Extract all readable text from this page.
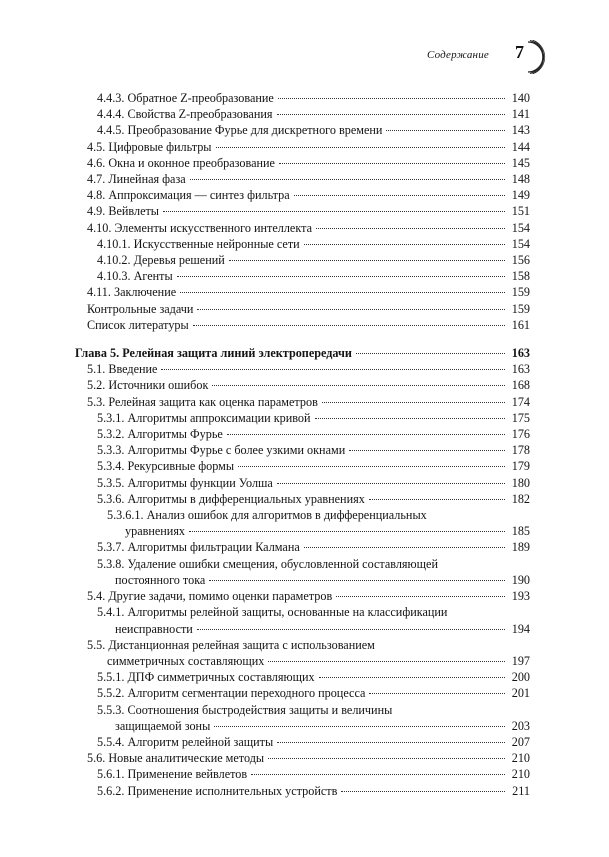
Содержание 7
4.4.3. Обратное Z-преобразование	140
4.4.4. Свойства Z-преобразования	141
4.4.5. Преобразование Фурье для дискретного времени	143
4.5. Цифровые фильтры	144
4.6. Окна и оконное преобразование	145
4.7. Линейная фаза	148
4.8. Аппроксимация — синтез фильтра	149
4.9. Вейвлеты	151
4.10. Элементы искусственного интеллекта	154
4.10.1. Искусственные нейронные сети	154
4.10.2. Деревья решений	156
4.10.3. Агенты	158
4.11. Заключение	159
Контрольные задачи	159
Список литературы	161
Глава 5. Релейная защита линий электропередачи	163
5.1. Введение	163
5.2. Источники ошибок	168
5.3. Релейная защита как оценка параметров	174
5.3.1. Алгоритмы аппроксимации кривой	175
5.3.2. Алгоритмы Фурье	176
5.3.3. Алгоритмы Фурье с более узкими окнами	178
5.3.4. Рекурсивные формы	179
5.3.5. Алгоритмы функции Уолша	180
5.3.6. Алгоритмы в дифференциальных уравнениях	182
5.3.6.1. Анализ ошибок для алгоритмов в дифференциальных
уравнениях	185
5.3.7. Алгоритмы фильтрации Калмана	189
5.3.8. Удаление ошибки смещения, обусловленной составляющей
постоянного тока	190
5.4. Другие задачи, помимо оценки параметров	193
5.4.1. Алгоритмы релейной защиты, основанные на классификации
неисправности	194
5.5. Дистанционная релейная защита с использованием
симметричных составляющих	197
5.5.1. ДПФ симметричных составляющих	200
5.5.2. Алгоритм сегментации переходного процесса	201
5.5.3. Соотношения быстродействия защиты и величины
защищаемой зоны	203
5.5.4. Алгоритм релейной защиты	207
5.6. Новые аналитические методы	210
5.6.1. Применение вейвлетов	210
5.6.2. Применение исполнительных устройств	211
